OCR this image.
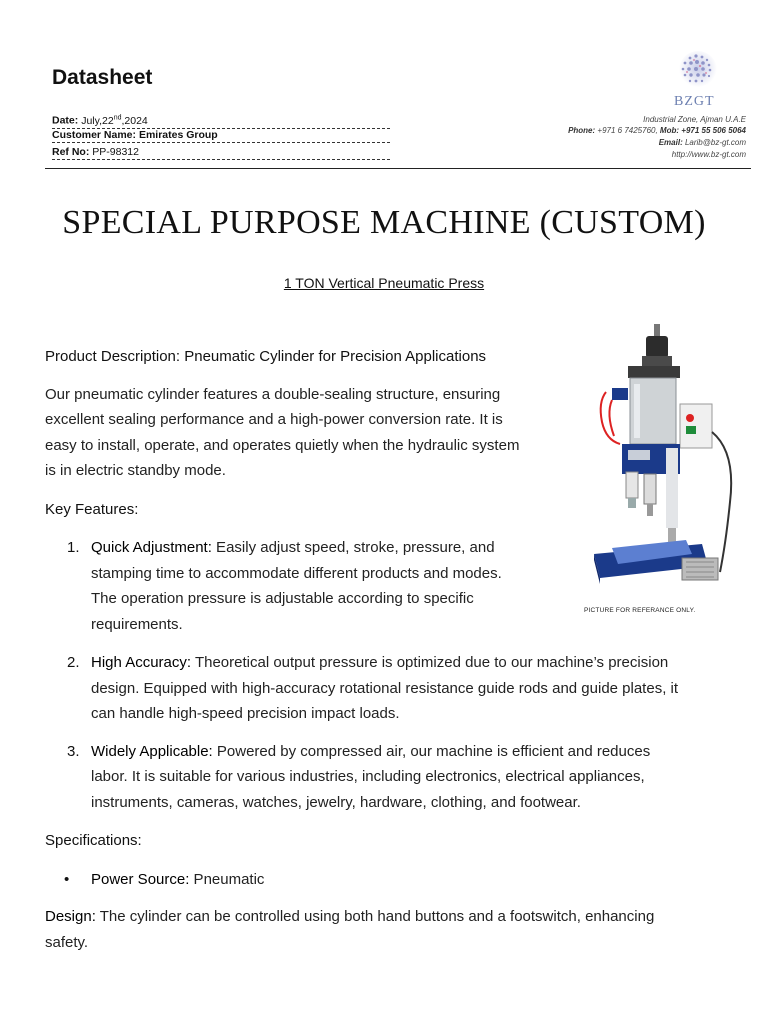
Datasheet
Date: July,22nd,2024
Customer Name: Emirates Group
Ref No: PP-98312
BZGT
Industrial Zone, Ajman U.A.E
Phone: +971 6 7425760, Mob: +971 55 506 5064
Email: Larib@bz-gt.com
http://www.bz-gt.com
SPECIAL PURPOSE MACHINE (CUSTOM)
1 TON Vertical Pneumatic Press
Product Description: Pneumatic Cylinder for Precision Applications
Our pneumatic cylinder features a double-sealing structure, ensuring
excellent sealing performance and a high-power conversion rate. It is
easy to install, operate, and operates quietly when the hydraulic system
is in electric standby mode.
PICTURE FOR REFERANCE ONLY.
Key Features:
1. Quick Adjustment: Easily adjust speed, stroke, pressure, and
stamping time to accommodate different products and modes.
The operation pressure is adjustable according to specific
requirements.
2. High Accuracy: Theoretical output pressure is optimized due to our machine’s precision
design. Equipped with high-accuracy rotational resistance guide rods and guide plates, it
can handle high-speed precision impact loads.
3. Widely Applicable: Powered by compressed air, our machine is efficient and reduces
labor. It is suitable for various industries, including electronics, electrical appliances,
instruments, cameras, watches, jewelry, hardware, clothing, and footwear.
Specifications:
• Power Source: Pneumatic
Design: The cylinder can be controlled using both hand buttons and a footswitch, enhancing
safety.
